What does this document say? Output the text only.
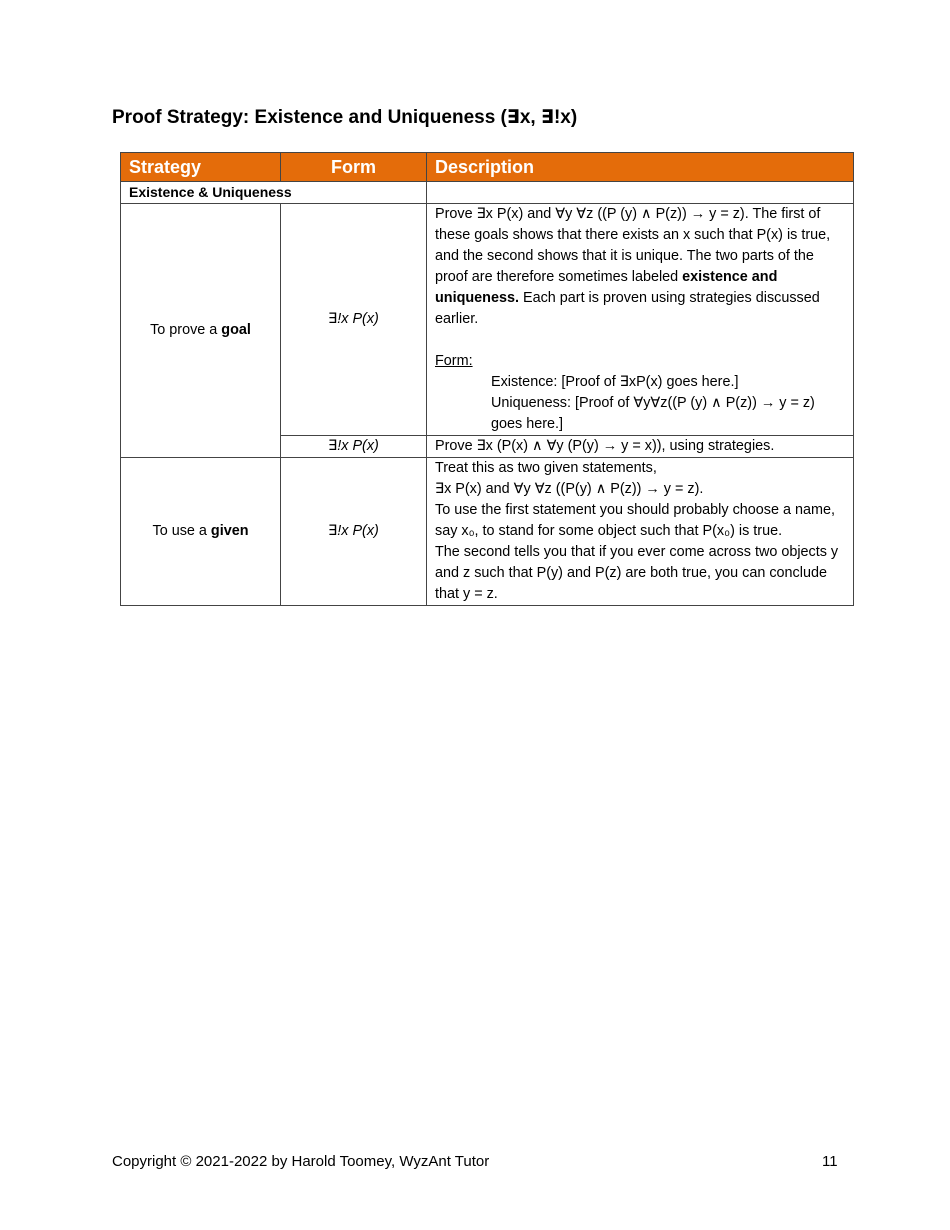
Proof Strategy: Existence and Uniqueness (∃x, ∃!x)
Strategy	Form	Description
Existence & Uniqueness		
To prove a goal	∃!x P(x)	Prove ∃x P(x) and ∀y ∀z ((P (y) ∧ P(z)) → y = z). The first of these goals shows that there exists an x such that P(x) is true, and the second shows that it is unique. The two parts of the proof are therefore sometimes labeled existence and uniqueness. Each part is proven using strategies discussed earlier.
Form:
Existence: [Proof of ∃xP(x) goes here.]
Uniqueness: [Proof of ∀y∀z((P (y) ∧ P(z)) → y = z) goes here.]

	∃!x P(x)	Prove ∃x (P(x) ∧ ∀y (P(y) → y = x)), using strategies.
To use a given	∃!x P(x)	Treat this as two given statements,
∃x P(x) and ∀y ∀z ((P(y) ∧ P(z)) → y = z).
To use the first statement you should probably choose a name, say x₀, to stand for some object such that P(x₀) is true.
The second tells you that if you ever come across two objects y and z such that P(y) and P(z) are both true, you can conclude that y = z.
Copyright © 2021-2022 by Harold Toomey, WyzAnt Tutor	11
